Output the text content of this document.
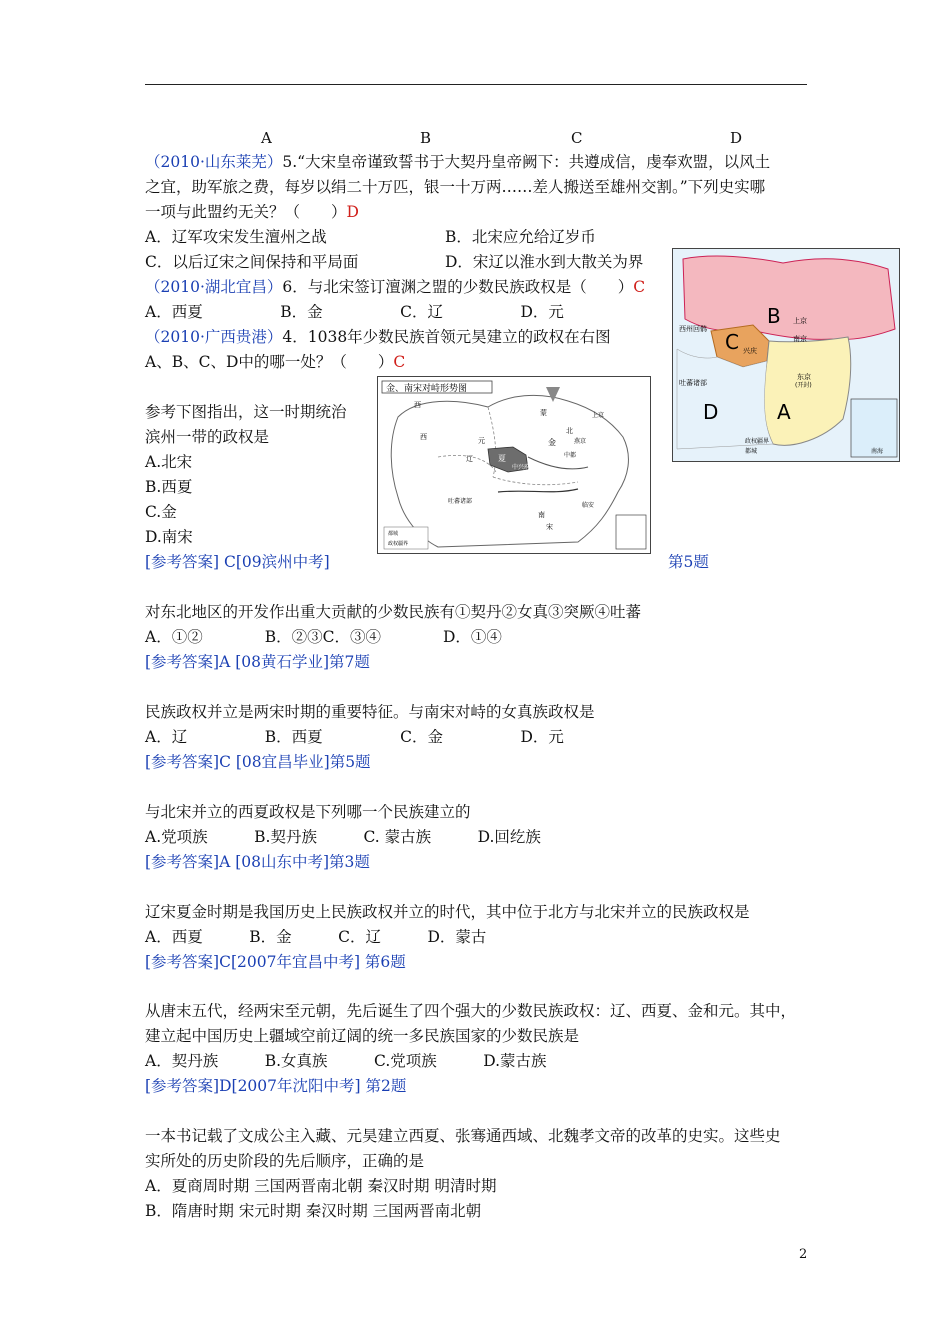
A	B	C	D
（2010·山东莱芜）5.“大宋皇帝谨致誓书于大契丹皇帝阙下：共遵成信，虔奉欢盟，以风土
之宜，助军旅之费，每岁以绢二十万匹，银一十万两……差人搬送至雄州交割。”下列史实哪
一项与此盟约无关？（　　）D
A．辽军攻宋发生澶州之战	B．北宋应允给辽岁币
C．以后辽宋之间保持和平局面	D．宋辽以淮水到大散关为界
（2010·湖北宜昌）6．与北宋签订澶渊之盟的少数民族政权是（　　）C
A．西夏　　　　　B．金　　　　　C．辽　　　　　D．元
（2010·广西贵港）4．1038年少数民族首领元昊建立的政权在右图
A、B、C、D中的哪一处？（　　）C
参考下图指出，这一时期统治
滨州一带的政权是
A.北宋
B.西夏
C.金
D.南宋
[参考答案] C[09滨州中考]	第5题
金、南宋对峙形势图
西
蒙
元
辽
西
夏
中兴府
金
中都
北
南
宋
吐蕃诸部
燕京
临安
上京
都城
政权疆界
B
C
A
D
上京
南京
兴庆
东京
(开封)
西州回鹘
吐蕃诸部
南海
政权疆界
都城
对东北地区的开发作出重大贡献的少数民族有①契丹②女真③突厥④吐蕃
A．①②　　　　B．②③C．③④　　　　D．①④
[参考答案]A [08黄石学业]第7题
民族政权并立是两宋时期的重要特征。与南宋对峙的女真族政权是
A．辽　　　　　B．西夏　　　　　C．金　　　　　D．元
[参考答案]C [08宜昌毕业]第5题
与北宋并立的西夏政权是下列哪一个民族建立的
A.党项族　　　B.契丹族　　　C. 蒙古族　　　D.回纥族
[参考答案]A [08山东中考]第3题
辽宋夏金时期是我国历史上民族政权并立的时代，其中位于北方与北宋并立的民族政权是
A．西夏　　　B．金　　　C．辽　　　D．蒙古
[参考答案]C[2007年宜昌中考] 第6题
从唐末五代，经两宋至元朝，先后诞生了四个强大的少数民族政权：辽、西夏、金和元。其中，
建立起中国历史上疆域空前辽阔的统一多民族国家的少数民族是
A．契丹族　　　B.女真族　　　C.党项族　　　D.蒙古族
[参考答案]D[2007年沈阳中考] 第2题
一本书记载了文成公主入藏、元昊建立西夏、张骞通西域、北魏孝文帝的改革的史实。这些史
实所处的历史阶段的先后顺序，正确的是
A．夏商周时期 三国两晋南北朝 秦汉时期 明清时期
B．隋唐时期 宋元时期 秦汉时期 三国两晋南北朝
2
